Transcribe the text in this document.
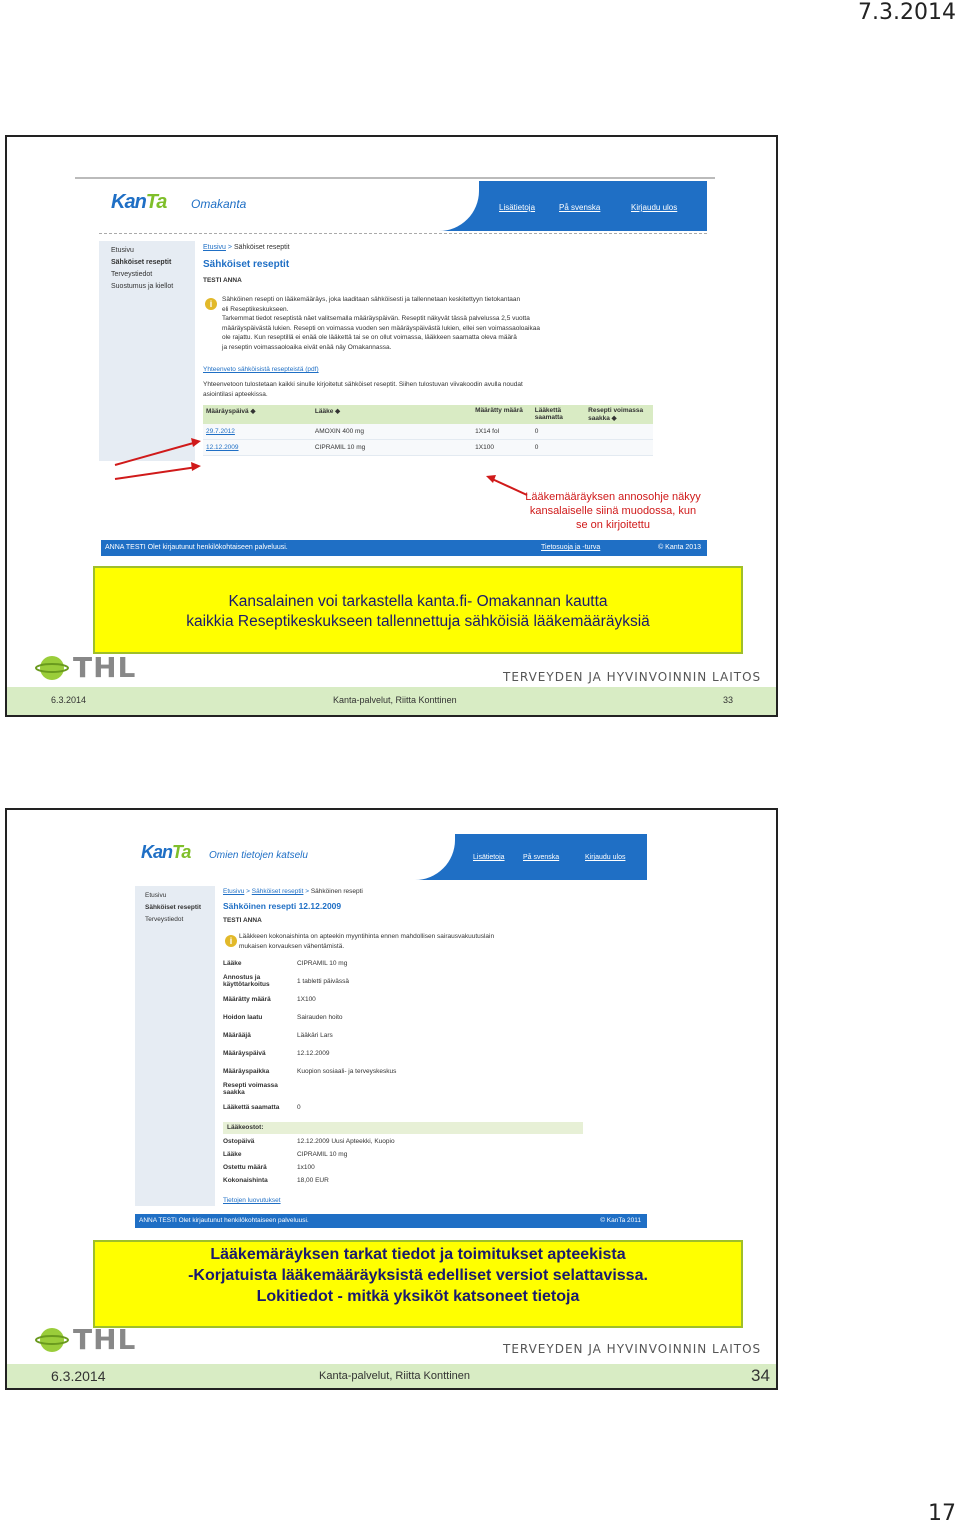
7.3.2014
KanTa Omakanta	Lisätietoja	På svenska	Kirjaudu ulos
Etusivu
Sähköiset reseptit
Terveystiedot
Suostumus ja kiellot
Etusivu > Sähköiset reseptit
Sähköiset reseptit
TESTI ANNA
i	Sähköinen resepti on lääkemääräys, joka laaditaan sähköisesti ja tallennetaan keskitettyyn tietokantaan
eli Reseptikeskukseen.
Tarkemmat tiedot reseptistä näet valitsemalla määräyspäivän. Reseptit näkyvät tässä palvelussa 2,5 vuotta
määräyspäivästä lukien. Resepti on voimassa vuoden sen määräyspäivästä lukien, ellei sen voimassaoloaikaa
ole rajattu. Kun reseptillä ei enää ole lääkettä tai se on ollut voimassa, lääkkeen saamatta oleva määrä
ja reseptin voimassaoloaika eivät enää näy Omakannassa.
Yhteenveto sähköisistä resepteistä (pdf)
Yhteenvetoon tulostetaan kaikki sinulle kirjoitetut sähköiset reseptit. Siihen tulostuvan viivakoodin avulla noudat
asiointilasi apteekissa.
Määräyspäivä ◆	Lääke ◆	Määrätty määrä	Lääkettä saamatta	Resepti voimassa saakka ◆
29.7.2012	AMOXIN 400 mg	1X14 fol	0	
12.12.2009	CIPRAMIL 10 mg	1X100	0	
ANNA TESTI Olet kirjautunut henkilökohtaiseen palveluusi.	Tietosuoja ja -turva	© Kanta 2013
Lääkemääräyksen annosohje näkyy
kansalaiselle siinä muodossa, kun
se on kirjoitettu
Kansalainen voi tarkastella kanta.fi- Omakannan kautta
kaikkia Reseptikeskukseen tallennettuja sähköisiä lääkemääräyksiä
THL	TERVEYDEN JA HYVINVOINNIN LAITOS
6.3.2014	Kanta-palvelut, Riitta Konttinen	33
KanTa Omien tietojen katselu	Lisätietoja	På svenska	Kirjaudu ulos
Etusivu
Sähköiset reseptit
Terveystiedot
Etusivu > Sähköiset reseptit > Sähköinen resepti
Sähköinen resepti 12.12.2009
TESTI ANNA
i	Lääkkeen kokonaishinta on apteekin myyntihinta ennen mahdollisen sairausvakuutuslain
mukaisen korvauksen vähentämistä.
Lääke	CIPRAMIL 10 mg
Annostus ja käyttötarkoitus	1 tabletti päivässä
Määrätty määrä	1X100
Hoidon laatu	Sairauden hoito
Määrääjä	Lääkäri Lars
Määräyspäivä	12.12.2009
Määräyspaikka	Kuopion sosiaali- ja terveyskeskus
Resepti voimassa saakka
Lääkettä saamatta	0
Lääkeostot:
Ostopäivä	12.12.2009 Uusi Apteekki, Kuopio
Lääke	CIPRAMIL 10 mg
Ostettu määrä	1x100
Kokonaishinta	18,00 EUR
Tietojen luovutukset
ANNA TESTI Olet kirjautunut henkilökohtaiseen palveluusi.	© KanTa 2011
Lääkemäräyksen tarkat tiedot ja toimitukset apteekista
-Korjatuista lääkemääräyksistä edelliset versiot selattavissa.
Lokitiedot - mitkä yksiköt katsoneet tietoja
THL	TERVEYDEN JA HYVINVOINNIN LAITOS
6.3.2014	Kanta-palvelut, Riitta Konttinen	34
17
